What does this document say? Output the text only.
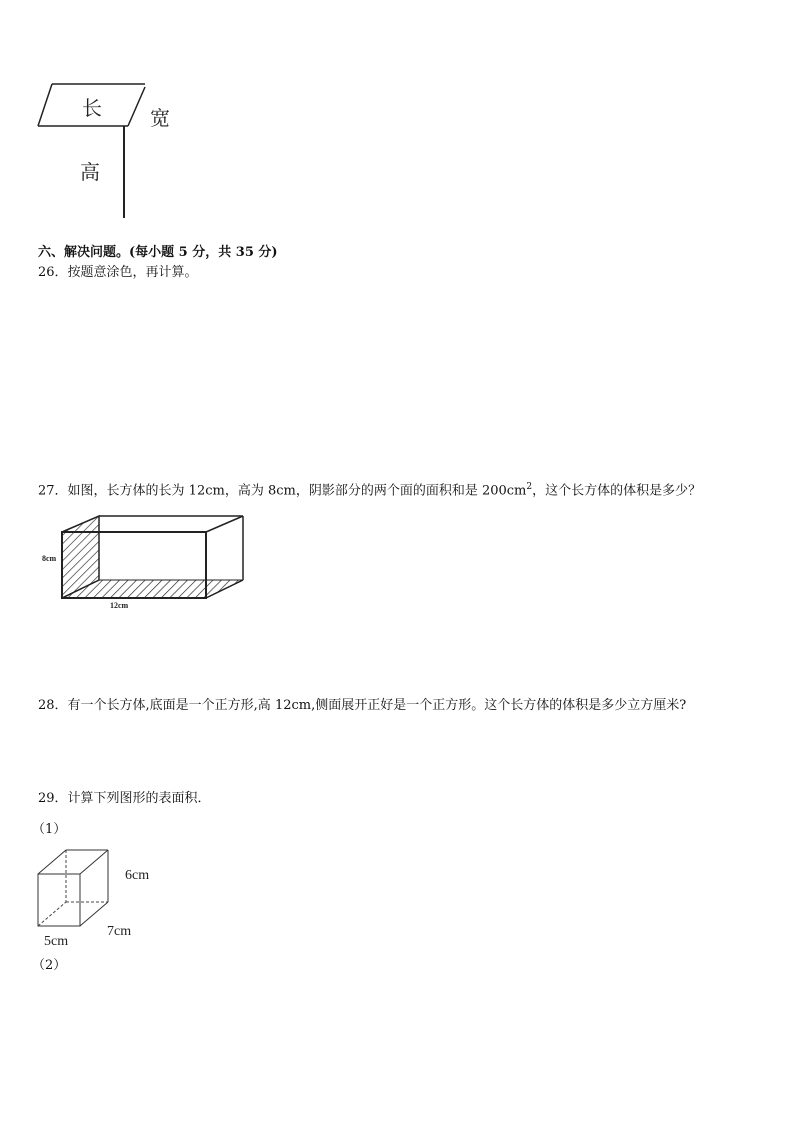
长 宽
高
六、解决问题。(每小题 5 分，共 35 分)
26．按题意涂色，再计算。
27．如图，长方体的长为 12cm，高为 8cm，阴影部分的两个面的面积和是 $200cm^2$，这个长方体的体积是多少？
8cm
12cm
28．有一个长方体,底面是一个正方形,高 12cm,侧面展开正好是一个正方形。这个长方体的体积是多少立方厘米?
29．计算下列图形的表面积．
（1）
6cm
7cm
5cm
（2）
